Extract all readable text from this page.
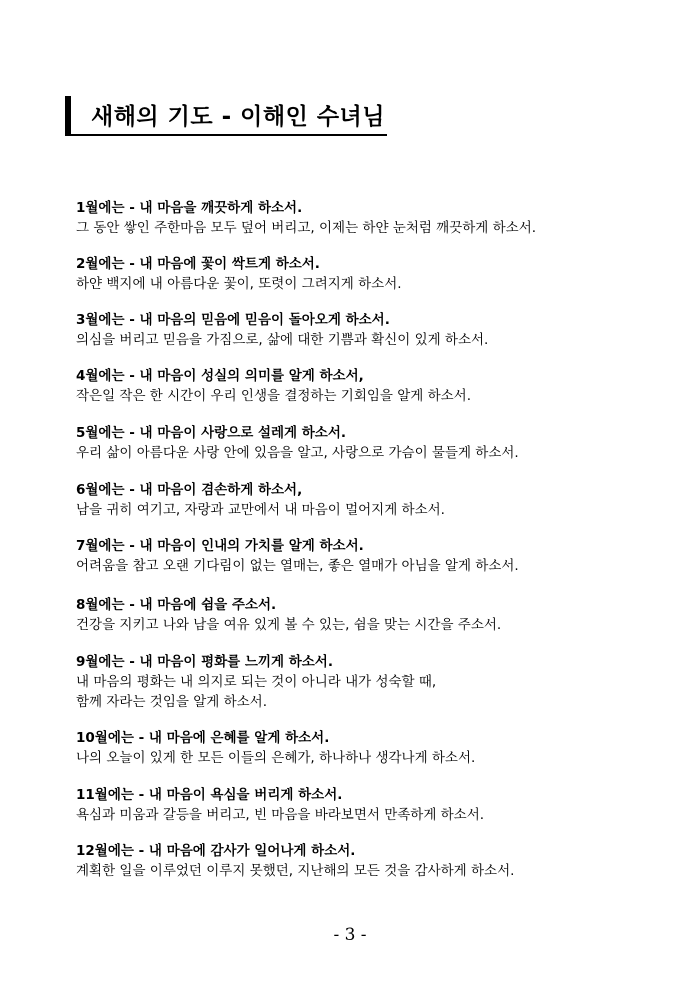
새해의 기도 - 이해인 수녀님
1월에는 - 내 마음을 깨끗하게 하소서.
그 동안 쌓인 주한마음 모두 덮어 버리고, 이제는 하얀 눈처럼 깨끗하게 하소서.
2월에는 - 내 마음에 꽃이 싹트게 하소서.
하얀 백지에 내 아름다운 꽃이, 또렷이 그려지게 하소서.
3월에는 - 내 마음의 믿음에 믿음이 돌아오게 하소서.
의심을 버리고 믿음을 가짐으로, 삶에 대한 기쁨과 확신이 있게 하소서.
4월에는 - 내 마음이 성실의 의미를 알게 하소서,
작은일 작은 한 시간이 우리 인생을 결정하는 기회임을 알게 하소서.
5월에는 - 내 마음이 사랑으로 설레게 하소서.
우리 삶이 아름다운 사랑 안에 있음을 알고, 사랑으로 가슴이 물들게 하소서.
6월에는 - 내 마음이 겸손하게 하소서,
남을 귀히 여기고, 자랑과 교만에서 내 마음이 멀어지게 하소서.
7월에는 - 내 마음이 인내의 가치를 알게 하소서.
어려움을 참고 오랜 기다림이 없는 열매는, 좋은 열매가 아님을 알게 하소서.
8월에는 - 내 마음에 쉼을 주소서.
건강을 지키고 나와 남을 여유 있게 볼 수 있는, 쉼을 맞는 시간을 주소서.
9월에는 - 내 마음이 평화를 느끼게 하소서.
내 마음의 평화는 내 의지로 되는 것이 아니라 내가 성숙할 때,
함께 자라는 것임을 알게 하소서.
10월에는 - 내 마음에 은혜를 알게 하소서.
나의 오늘이 있게 한 모든 이들의 은혜가, 하나하나 생각나게 하소서.
11월에는 - 내 마음이 욕심을 버리게 하소서.
욕심과 미움과 갈등을 버리고, 빈 마음을 바라보면서 만족하게 하소서.
12월에는 - 내 마음에 감사가 일어나게 하소서.
계획한 일을 이루었던 이루지 못했던, 지난해의 모든 것을 감사하게 하소서.
- 3 -
